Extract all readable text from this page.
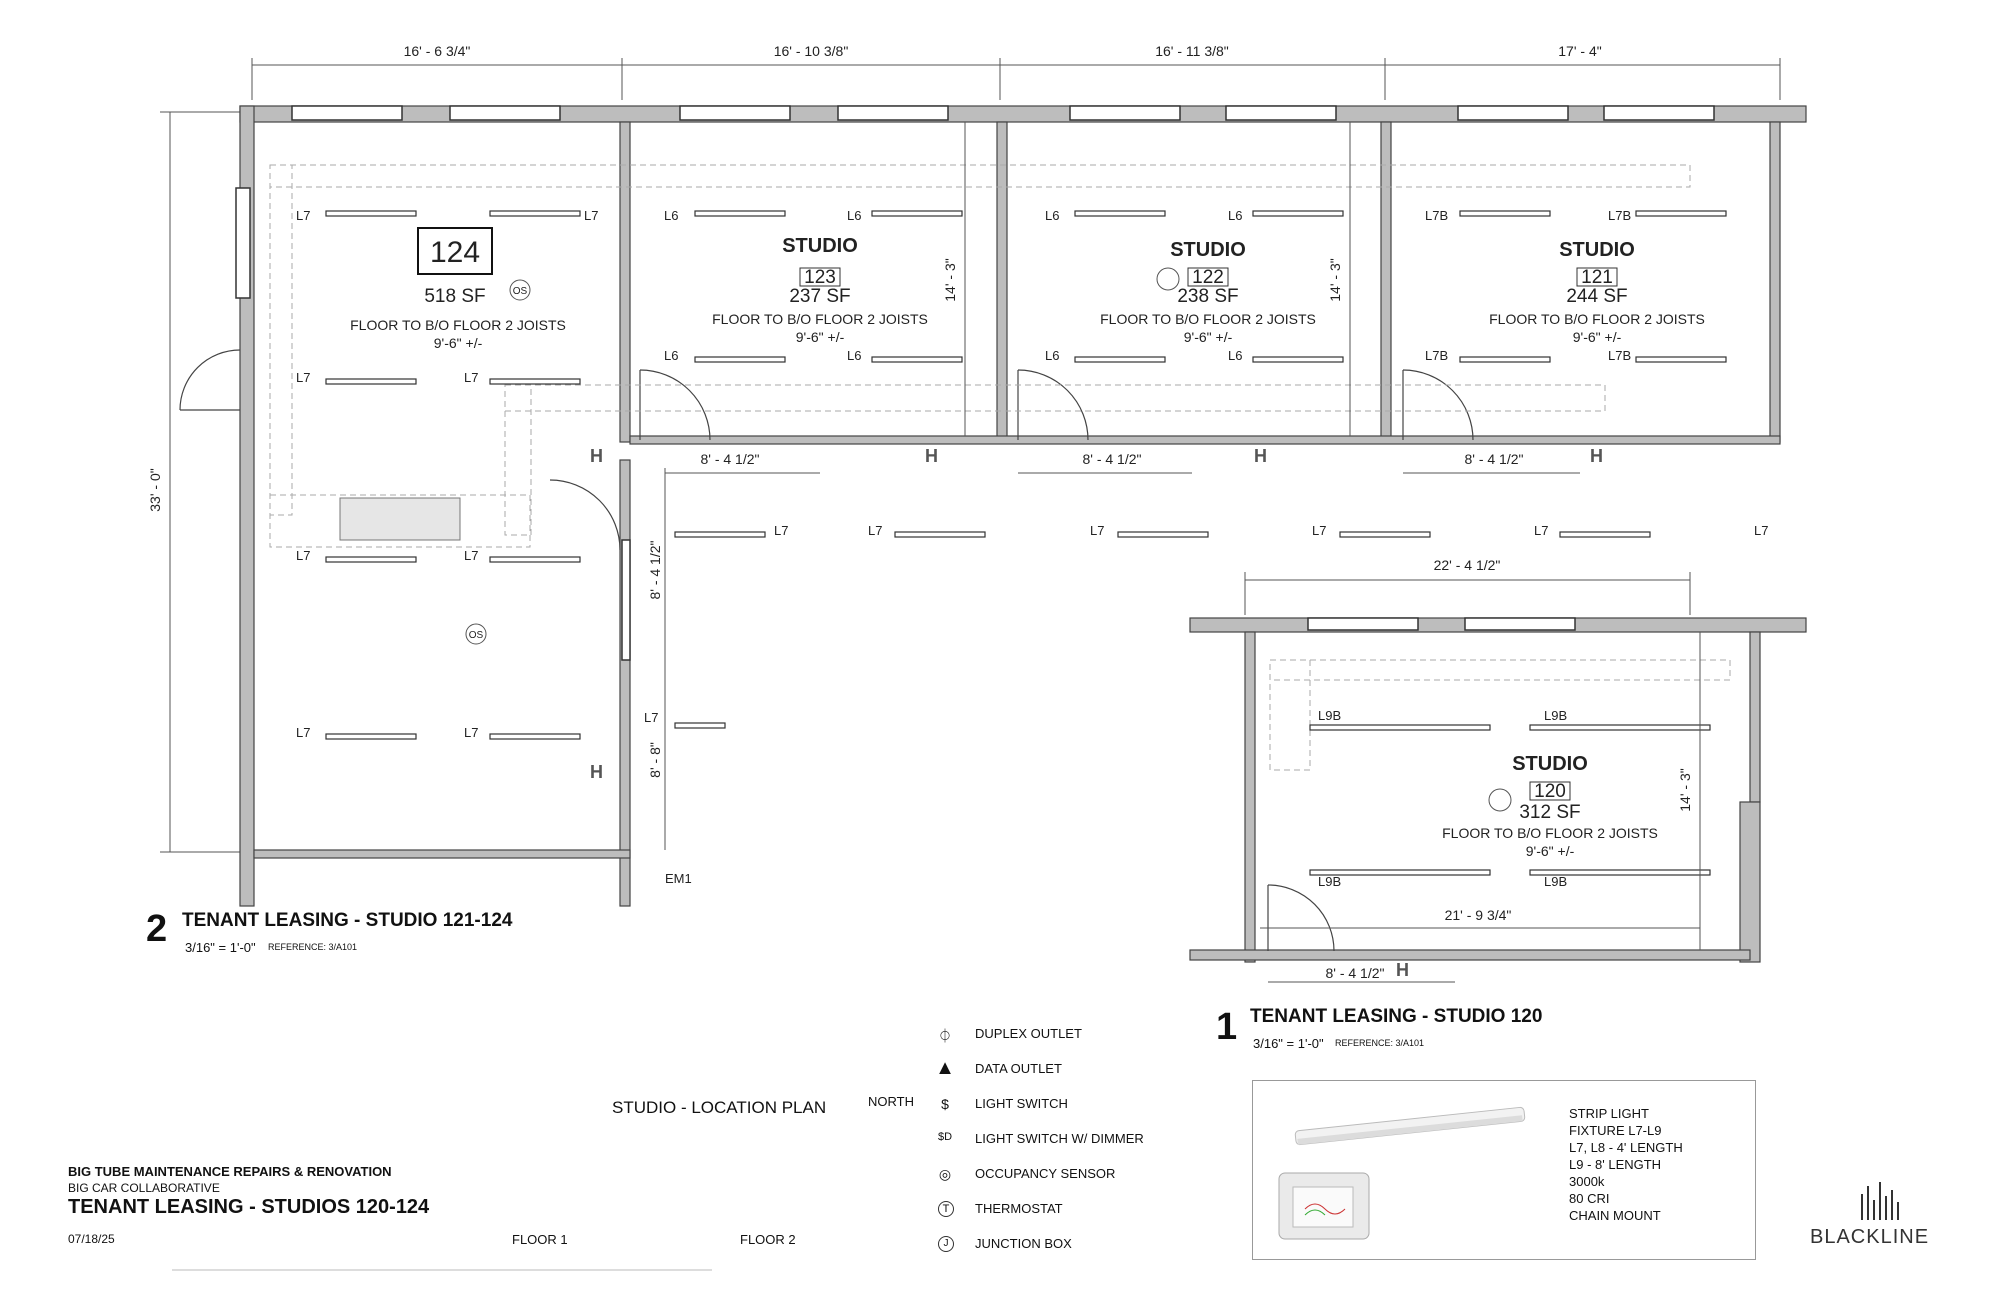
16' - 6 3/4"	16' - 10 3/8"	16' - 11 3/8"	17' - 4"
33' - 0"
L7	L7
L7	L7
L7	L7
L7	L7
L6	L6
L6	L6
L6	L6
L6	L6
L7B	L7B
L7B	L7B
L7	L7	L7	L7	L7	L7
L7
124
518 SF	OS
FLOOR TO B/O FLOOR 2 JOISTS
9'-6" +/-
OS
STUDIO
123
237 SF
FLOOR TO B/O FLOOR 2 JOISTS
9'-6" +/-
STUDIO
122
238 SF
FLOOR TO B/O FLOOR 2 JOISTS
9'-6" +/-
STUDIO
121
244 SF
FLOOR TO B/O FLOOR 2 JOISTS
9'-6" +/-
14' - 3"	14' - 3"
8' - 4 1/2"
8' - 8"
8' - 4 1/2"	8' - 4 1/2"	8' - 4 1/2"
H	H	H	H
H
EM1
22' - 4 1/2"
L9B	L9B
L9B	L9B
STUDIO
120
312 SF
FLOOR TO B/O FLOOR 2 JOISTS
9'-6" +/-
21' - 9 3/4"
14' - 3"
8' - 4 1/2" H
2 TENANT LEASING - STUDIO 121-124
3/16" = 1'-0" REFERENCE: 3/A101
1 TENANT LEASING - STUDIO 120
3/16" = 1'-0" REFERENCE: 3/A101
⏀	DUPLEX OUTLET
▲ DATA OUTLET
$	LIGHT SWITCH
$D	LIGHT SWITCH W/ DIMMER
◎	OCCUPANCY SENSOR
T	THERMOSTAT
J	JUNCTION BOX
STRIP LIGHT
FIXTURE L7-L9
L7, L8 - 4' LENGTH
L9 - 8' LENGTH
3000k
80 CRI
CHAIN MOUNT
STUDIO - LOCATION PLAN	NORTH
FLOOR 1	FLOOR 2
BIG TUBE MAINTENANCE REPAIRS & RENOVATION
BIG CAR COLLABORATIVE
TENANT LEASING - STUDIOS 120-124
07/18/25	BLACKLINE
